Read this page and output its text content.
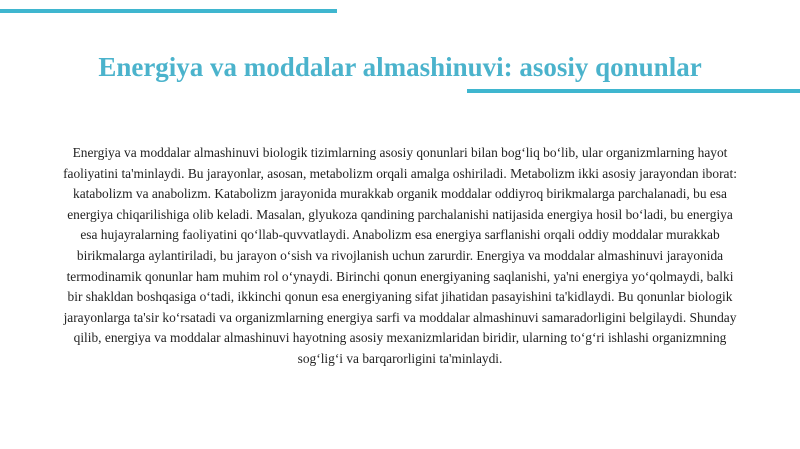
Energiya va moddalar almashinuvi: asosiy qonunlar

Energiya va moddalar almashinuvi biologik tizimlarning asosiy qonunlari bilan bog‘liq bo‘lib, ular organizmlarning hayot faoliyatini ta'minlaydi. Bu jarayonlar, asosan, metabolizm orqali amalga oshiriladi. Metabolizm ikki asosiy jarayondan iborat: katabolizm va anabolizm. Katabolizm jarayonida murakkab organik moddalar oddiyroq birikmalarga parchalanadi, bu esa energiya chiqarilishiga olib keladi. Masalan, glyukoza qandining parchalanishi natijasida energiya hosil bo‘ladi, bu energiya esa hujayralarning faoliyatini qo‘llab-quvvatlaydi. Anabolizm esa energiya sarflanishi orqali oddiy moddalar murakkab birikmalarga aylantiriladi, bu jarayon o‘sish va rivojlanish uchun zarurdir. Energiya va moddalar almashinuvi jarayonida termodinamik qonunlar ham muhim rol o‘ynaydi. Birinchi qonun energiyaning saqlanishi, ya'ni energiya yo‘qolmaydi, balki bir shakldan boshqasiga o‘tadi, ikkinchi qonun esa energiyaning sifat jihatidan pasayishini ta'kidlaydi. Bu qonunlar biologik jarayonlarga ta'sir ko‘rsatadi va organizmlarning energiya sarfi va moddalar almashinuvi samaradorligini belgilaydi. Shunday qilib, energiya va moddalar almashinuvi hayotning asosiy mexanizmlaridan biridir, ularning to‘g‘ri ishlashi organizmning sog‘lig‘i va barqarorligini ta'minlaydi.
